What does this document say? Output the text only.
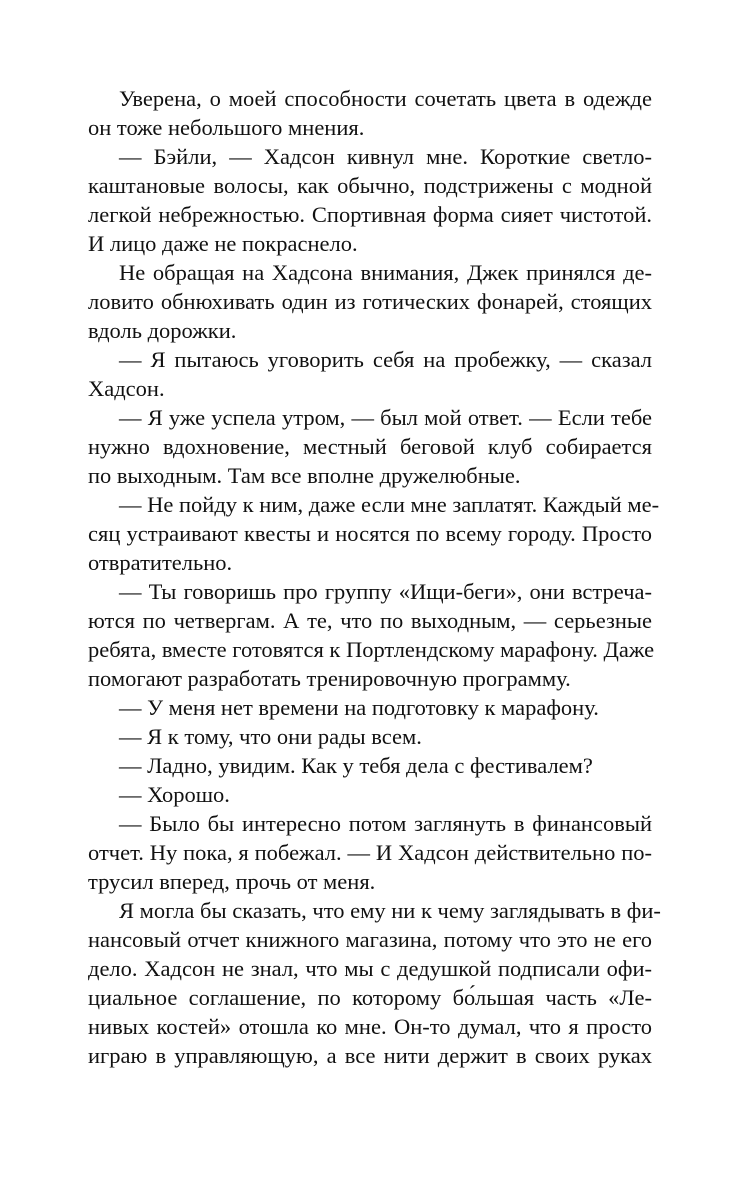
Уверена, о моей способности сочетать цвета в одежде
он тоже небольшого мнения.
— Бэйли, — Хадсон кивнул мне. Короткие светло-
каштановые волосы, как обычно, подстрижены с модной
легкой небрежностью. Спортивная форма сияет чистотой.
И лицо даже не покраснело.
Не обращая на Хадсона внимания, Джек принялся де-
ловито обнюхивать один из готических фонарей, стоящих
вдоль дорожки.
— Я пытаюсь уговорить себя на пробежку, — сказал
Хадсон.
— Я уже успела утром, — был мой ответ. — Если тебе
нужно вдохновение, местный беговой клуб собирается
по выходным. Там все вполне дружелюбные.
— Не пойду к ним, даже если мне заплатят. Каждый ме-
сяц устраивают квесты и носятся по всему городу. Просто
отвратительно.
— Ты говоришь про группу «Ищи-беги», они встреча-
ются по четвергам. А те, что по выходным, — серьезные
ребята, вместе готовятся к Портлендскому марафону. Даже
помогают разработать тренировочную программу.
— У меня нет времени на подготовку к марафону.
— Я к тому, что они рады всем.
— Ладно, увидим. Как у тебя дела с фестивалем?
— Хорошо.
— Было бы интересно потом заглянуть в финансовый
отчет. Ну пока, я побежал. — И Хадсон действительно по-
трусил вперед, прочь от меня.
Я могла бы сказать, что ему ни к чему заглядывать в фи-
нансовый отчет книжного магазина, потому что это не его
дело. Хадсон не знал, что мы с дедушкой подписали офи-
циальное соглашение, по которому бо́льшая часть «Ле-
нивых костей» отошла ко мне. Он-то думал, что я просто
играю в управляющую, а все нити держит в своих руках
